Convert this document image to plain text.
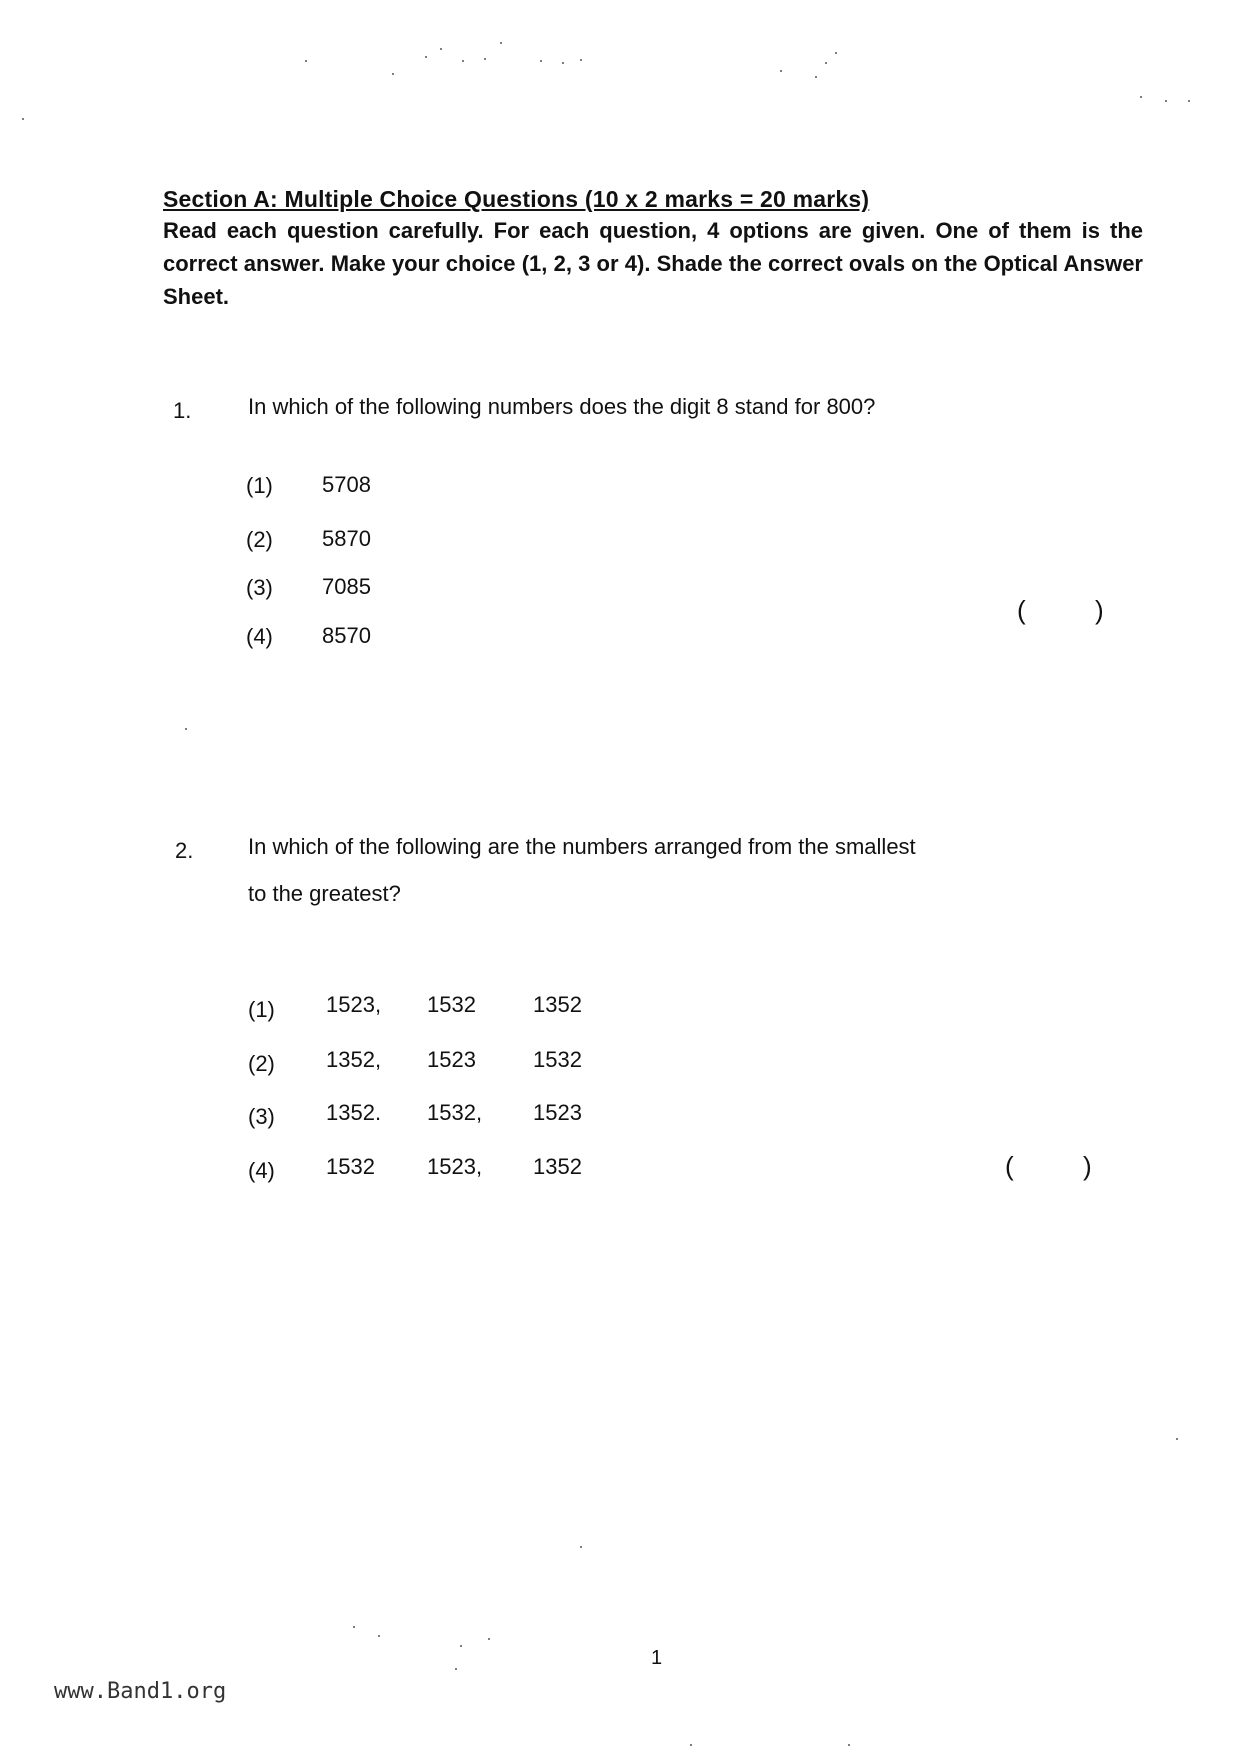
Section A: Multiple Choice Questions (10 x 2 marks = 20 marks)
Read each question carefully. For each question, 4 options are given. One of them is the correct answer. Make your choice (1, 2, 3 or 4). Shade the correct ovals on the Optical Answer Sheet.
1.	In which of the following numbers does the digit 8 stand for 800?
(1) 5708
(2) 5870
(3) 7085
(4) 8570
(	)
2. In which of the following are the numbers arranged from the smallest
to the greatest?
(1) 1523, 1532	1352
(2) 1352, 1523	1532
(3) 1352. 1532, 1523
(4) 1532 1523, 1352	(	)
1
www.Band1.org
